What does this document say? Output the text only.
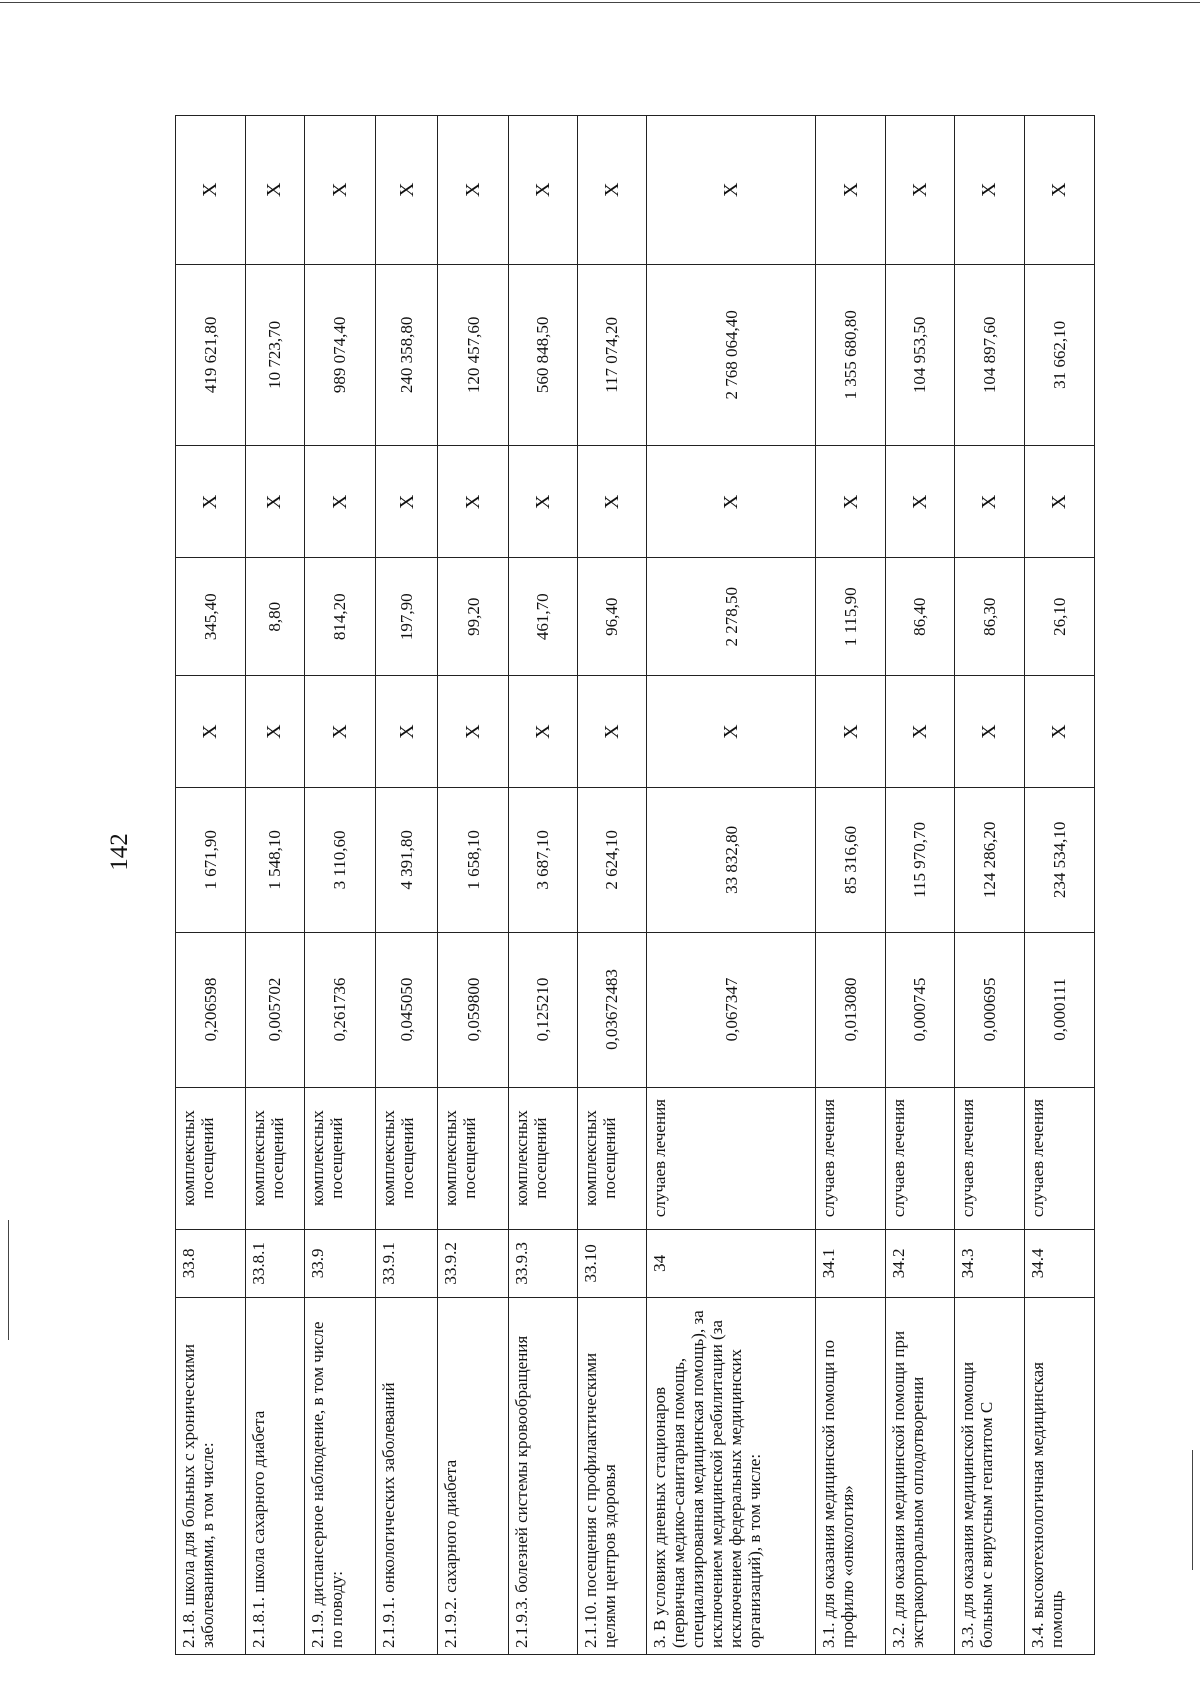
142
2.1.8. школа для больных с хроническими заболеваниями, в том числе:	33.8	комплексных посещений	0,206598	1 671,90	Х	345,40	Х	419 621,80	Х
2.1.8.1. школа сахарного диабета	33.8.1	комплексных посещений	0,005702	1 548,10	Х	8,80	Х	10 723,70	Х
2.1.9. диспансерное наблюдение, в том числе по поводу:	33.9	комплексных посещений	0,261736	3 110,60	Х	814,20	Х	989 074,40	Х
2.1.9.1. онкологических заболеваний	33.9.1	комплексных посещений	0,045050	4 391,80	Х	197,90	Х	240 358,80	Х
2.1.9.2. сахарного диабета	33.9.2	комплексных посещений	0,059800	1 658,10	Х	99,20	Х	120 457,60	Х
2.1.9.3. болезней системы кровообращения	33.9.3	комплексных посещений	0,125210	3 687,10	Х	461,70	Х	560 848,50	Х
2.1.10. посещения с профилактическими целями центров здоровья	33.10	комплексных посещений	0,03672483	2 624,10	Х	96,40	Х	117 074,20	Х
3. В условиях дневных стационаров (первичная медико-санитарная помощь, специализированная медицинская помощь), за исключением медицинской реабилитации (за исключением федеральных медицинских организаций), в том числе:	34	случаев лечения	0,067347	33 832,80	Х	2 278,50	Х	2 768 064,40	Х
3.1. для оказания медицинской помощи по профилю «онкология»	34.1	случаев лечения	0,013080	85 316,60	Х	1 115,90	Х	1 355 680,80	Х
3.2. для оказания медицинской помощи при экстракорпоральном оплодотворении	34.2	случаев лечения	0,000745	115 970,70	Х	86,40	Х	104 953,50	Х
3.3. для оказания медицинской помощи больным с вирусным гепатитом С	34.3	случаев лечения	0,000695	124 286,20	Х	86,30	Х	104 897,60	Х
3.4. высокотехнологичная медицинская помощь	34.4	случаев лечения	0,000111	234 534,10	Х	26,10	Х	31 662,10	Х
